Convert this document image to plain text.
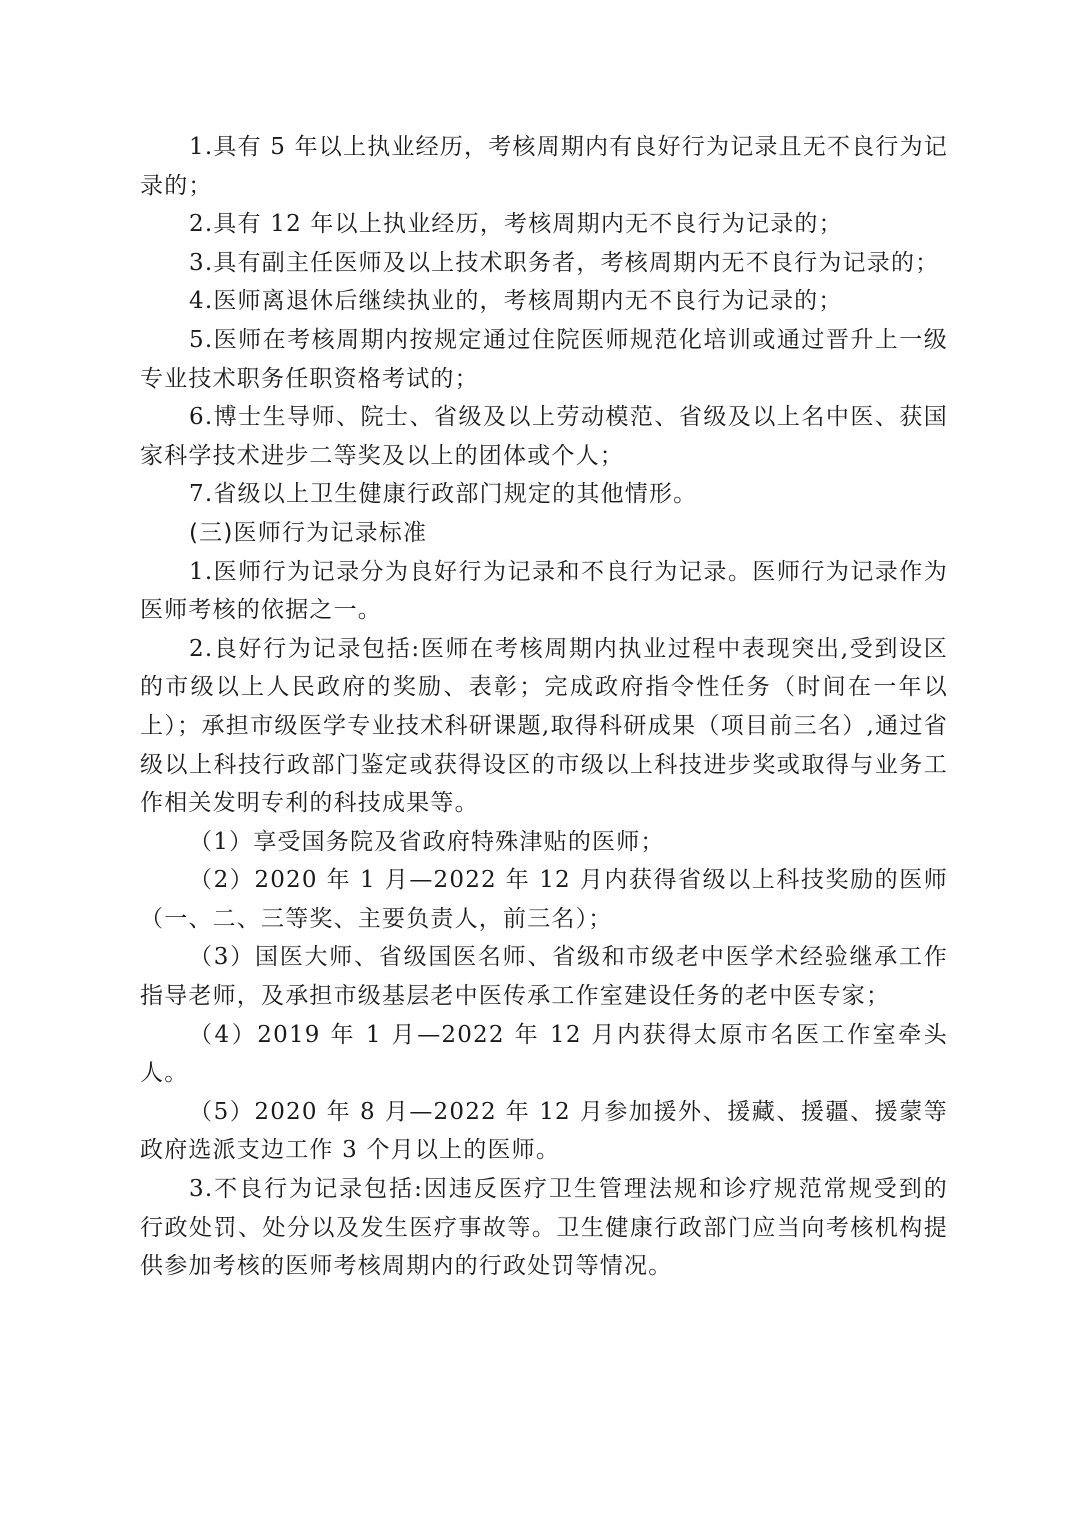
1.具有 5 年以上执业经历，考核周期内有良好行为记录且无不良行为记录的；

2.具有 12 年以上执业经历，考核周期内无不良行为记录的；

3.具有副主任医师及以上技术职务者，考核周期内无不良行为记录的；

4.医师离退休后继续执业的，考核周期内无不良行为记录的；

5.医师在考核周期内按规定通过住院医师规范化培训或通过晋升上一级专业技术职务任职资格考试的；

6.博士生导师、院士、省级及以上劳动模范、省级及以上名中医、获国家科学技术进步二等奖及以上的团体或个人；

7.省级以上卫生健康行政部门规定的其他情形。

(三)医师行为记录标准

1.医师行为记录分为良好行为记录和不良行为记录。医师行为记录作为医师考核的依据之一。

2.良好行为记录包括:医师在考核周期内执业过程中表现突出,受到设区的市级以上人民政府的奖励、表彰；完成政府指令性任务（时间在一年以上）；承担市级医学专业技术科研课题,取得科研成果（项目前三名）,通过省级以上科技行政部门鉴定或获得设区的市级以上科技进步奖或取得与业务工作相关发明专利的科技成果等。

（1）享受国务院及省政府特殊津贴的医师；

（2）2020 年 1 月—2022 年 12 月内获得省级以上科技奖励的医师（一、二、三等奖、主要负责人，前三名）；

（3）国医大师、省级国医名师、省级和市级老中医学术经验继承工作指导老师，及承担市级基层老中医传承工作室建设任务的老中医专家；

（4）2019 年 1 月—2022 年 12 月内获得太原市名医工作室牵头人。

（5）2020 年 8 月—2022 年 12 月参加援外、援藏、援疆、援蒙等政府选派支边工作 3 个月以上的医师。

3.不良行为记录包括:因违反医疗卫生管理法规和诊疗规范常规受到的行政处罚、处分以及发生医疗事故等。卫生健康行政部门应当向考核机构提供参加考核的医师考核周期内的行政处罚等情况。
